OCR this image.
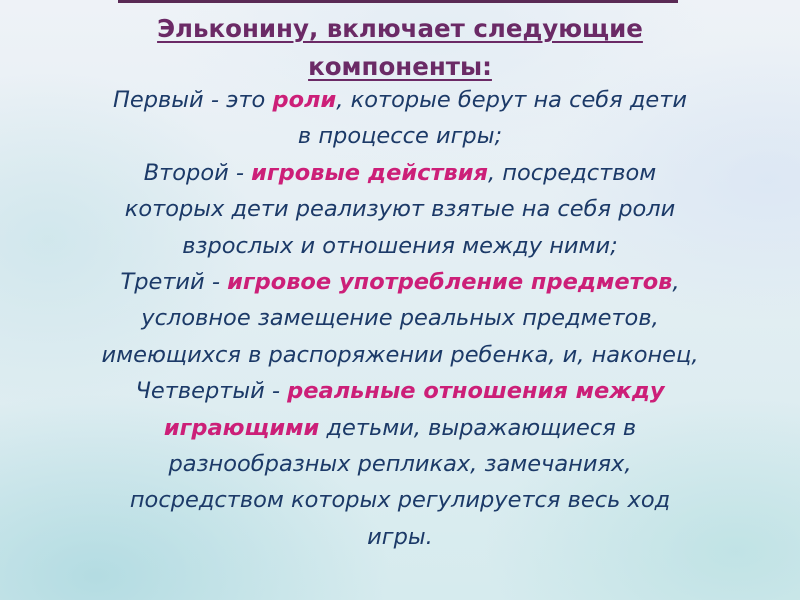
Эльконину, включает следующие
компоненты:
Первый - это роли, которые берут на себя дети
в процессе игры;
Второй - игровые действия, посредством
которых дети реализуют взятые на себя роли
взрослых и отношения между ними;
Третий - игровое употребление предметов,
условное замещение реальных предметов,
имеющихся в распоряжении ребенка, и, наконец,
Четвертый - реальные отношения между
играющими детьми, выражающиеся в
разнообразных репликах, замечаниях,
посредством которых регулируется весь ход
игры.
